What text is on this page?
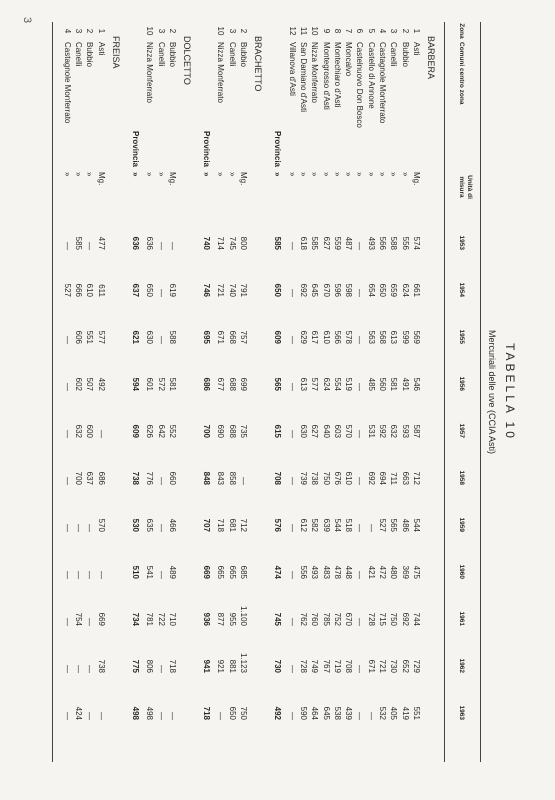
3
TABELLA 10
Mercuriali delle uve (CCIA Asti)
Zona
Comuni centro zona
Unità di misura
1953
1954
1955
1956
1957
1958
1959
1960
1961
1962
1963
BARBERA
1
Asti
Mg.
574
661
569
546
587
712
544
475
744
729
551
2
Bubbio
»
556
624
599
491
593
663
486
369
692
652
419
3
Canelli
»
588
659
613
581
632
711
565
480
750
730
405
4
Castagnole Monferrato
»
566
650
568
560
592
694
527
472
715
721
532
5
Castello di Annone
»
493
654
563
485
531
692
—
421
728
671
—
6
Castelnuovo Don Bosco
»
—
—
—
—
—
—
—
—
—
—
—
7
Moncalvo
»
487
598
578
519
570
610
518
448
670
708
439
8
Montechiaro d'Asti
»
559
596
566
554
603
676
544
478
752
719
538
9
Montegrosso d'Asti
»
627
670
610
624
640
750
639
483
785
767
645
10
Nizza Monferrato
»
585
645
617
577
627
738
582
493
760
749
464
11
San Damiano d'Asti
»
618
692
629
613
630
739
612
556
762
728
590
12
Villanova d'Asti
»
—
—
—
—
—
—
—
—
—
—
—
Provincia
»
585
650
609
565
615
708
576
474
745
730
492
BRACHETTO
2
Bubbio
Mg.
800
791
757
699
735
—
712
685
1.100
1.123
750
3
Canelli
»
745
740
668
688
688
858
681
665
955
881
650
10
Nizza Monferrato
»
714
721
671
677
690
843
718
665
877
921
—
Provincia
»
740
746
695
686
700
848
707
669
936
941
718
DOLCETTO
2
Bubbio
Mg.
—
619
588
581
552
660
466
489
710
718
—
3
Canelli
»
—
—
—
572
642
—
—
—
722
—
—
10
Nizza Monferrato
»
636
650
630
601
626
776
635
541
781
806
498
Provincia
»
636
637
621
594
609
738
530
510
734
775
498
FREISA
1
Asti
Mg.
477
611
577
492
—
686
570
—
669
738
—
2
Bubbio
»
—
610
551
507
600
637
—
—
—
—
—
3
Canelli
»
585
666
606
602
632
700
—
—
754
—
424
4
Castagnole Monferrato
»
—
527
—
—
—
—
—
—
—
—
—
